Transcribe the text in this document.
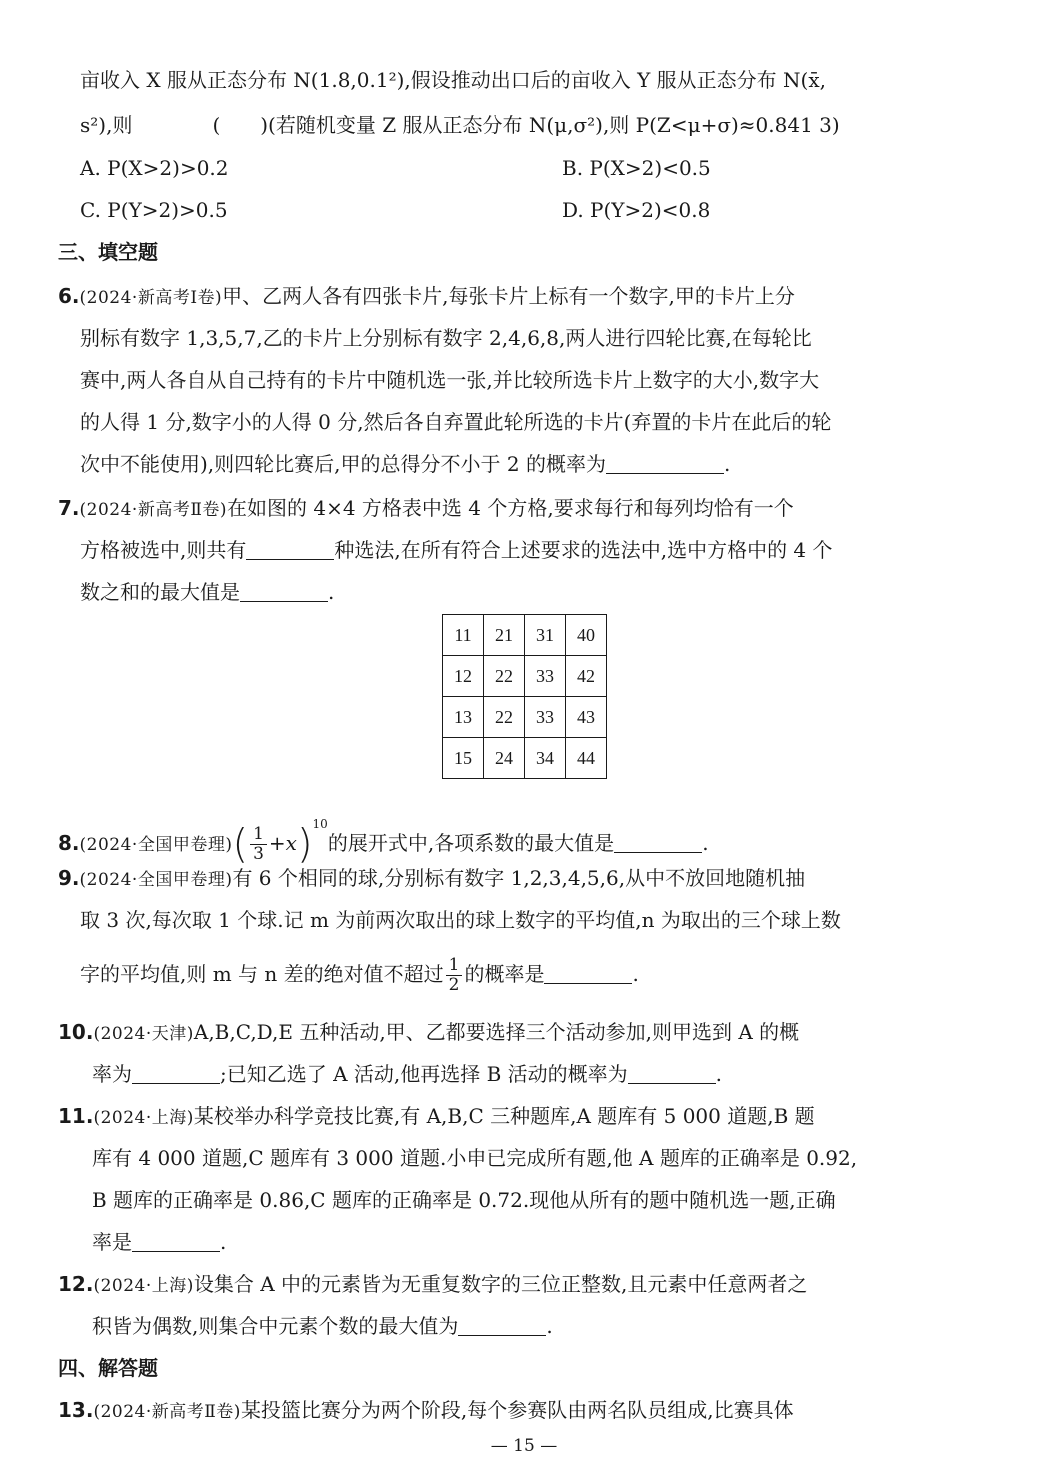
亩收入 X 服从正态分布 N(1.8,0.1²),假设推动出口后的亩收入 Y 服从正态分布 N(x̄,
s²),则　　　　(　　)(若随机变量 Z 服从正态分布 N(μ,σ²),则 P(Z<μ+σ)≈0.841 3)
A. P(X>2)>0.2	B. P(X>2)<0.5
C. P(Y>2)>0.5	D. P(Y>2)<0.8
三、填空题
6.(2024·新高考Ⅰ卷)甲、乙两人各有四张卡片,每张卡片上标有一个数字,甲的卡片上分
别标有数字 1,3,5,7,乙的卡片上分别标有数字 2,4,6,8,两人进行四轮比赛,在每轮比
赛中,两人各自从自己持有的卡片中随机选一张,并比较所选卡片上数字的大小,数字大
的人得 1 分,数字小的人得 0 分,然后各自弃置此轮所选的卡片(弃置的卡片在此后的轮
次中不能使用),则四轮比赛后,甲的总得分不小于 2 的概率为	.
7.(2024·新高考Ⅱ卷)在如图的 4×4 方格表中选 4 个方格,要求每行和每列均恰有一个
方格被选中,则共有	种选法,在所有符合上述要求的选法中,选中方格中的 4 个
数之和的最大值是	.
11	21	31	40
12	22	33	42
13	22	33	43
15	24	34	44
8.(2024·全国甲卷理)( $\frac{1}{3} +x)^{10}$的展开式中,各项系数的最大值是	.
9.(2024·全国甲卷理)有 6 个相同的球,分别标有数字 1,2,3,4,5,6,从中不放回地随机抽
取 3 次,每次取 1 个球.记 m 为前两次取出的球上数字的平均值,n 为取出的三个球上数
字的平均值,则 m 与 n 差的绝对值不超过 $\frac{1}{2}$ 的概率是	.
10.(2024·天津)A,B,C,D,E 五种活动,甲、乙都要选择三个活动参加,则甲选到 A 的概
率为	;已知乙选了 A 活动,他再选择 B 活动的概率为	.
11.(2024·上海)某校举办科学竞技比赛,有 A,B,C 三种题库,A 题库有 5 000 道题,B 题
库有 4 000 道题,C 题库有 3 000 道题.小申已完成所有题,他 A 题库的正确率是 0.92,
B 题库的正确率是 0.86,C 题库的正确率是 0.72.现他从所有的题中随机选一题,正确
率是	.
12.(2024·上海)设集合 A 中的元素皆为无重复数字的三位正整数,且元素中任意两者之
积皆为偶数,则集合中元素个数的最大值为	.
四、解答题
13.(2024·新高考Ⅱ卷)某投篮比赛分为两个阶段,每个参赛队由两名队员组成,比赛具体
— 15 —
